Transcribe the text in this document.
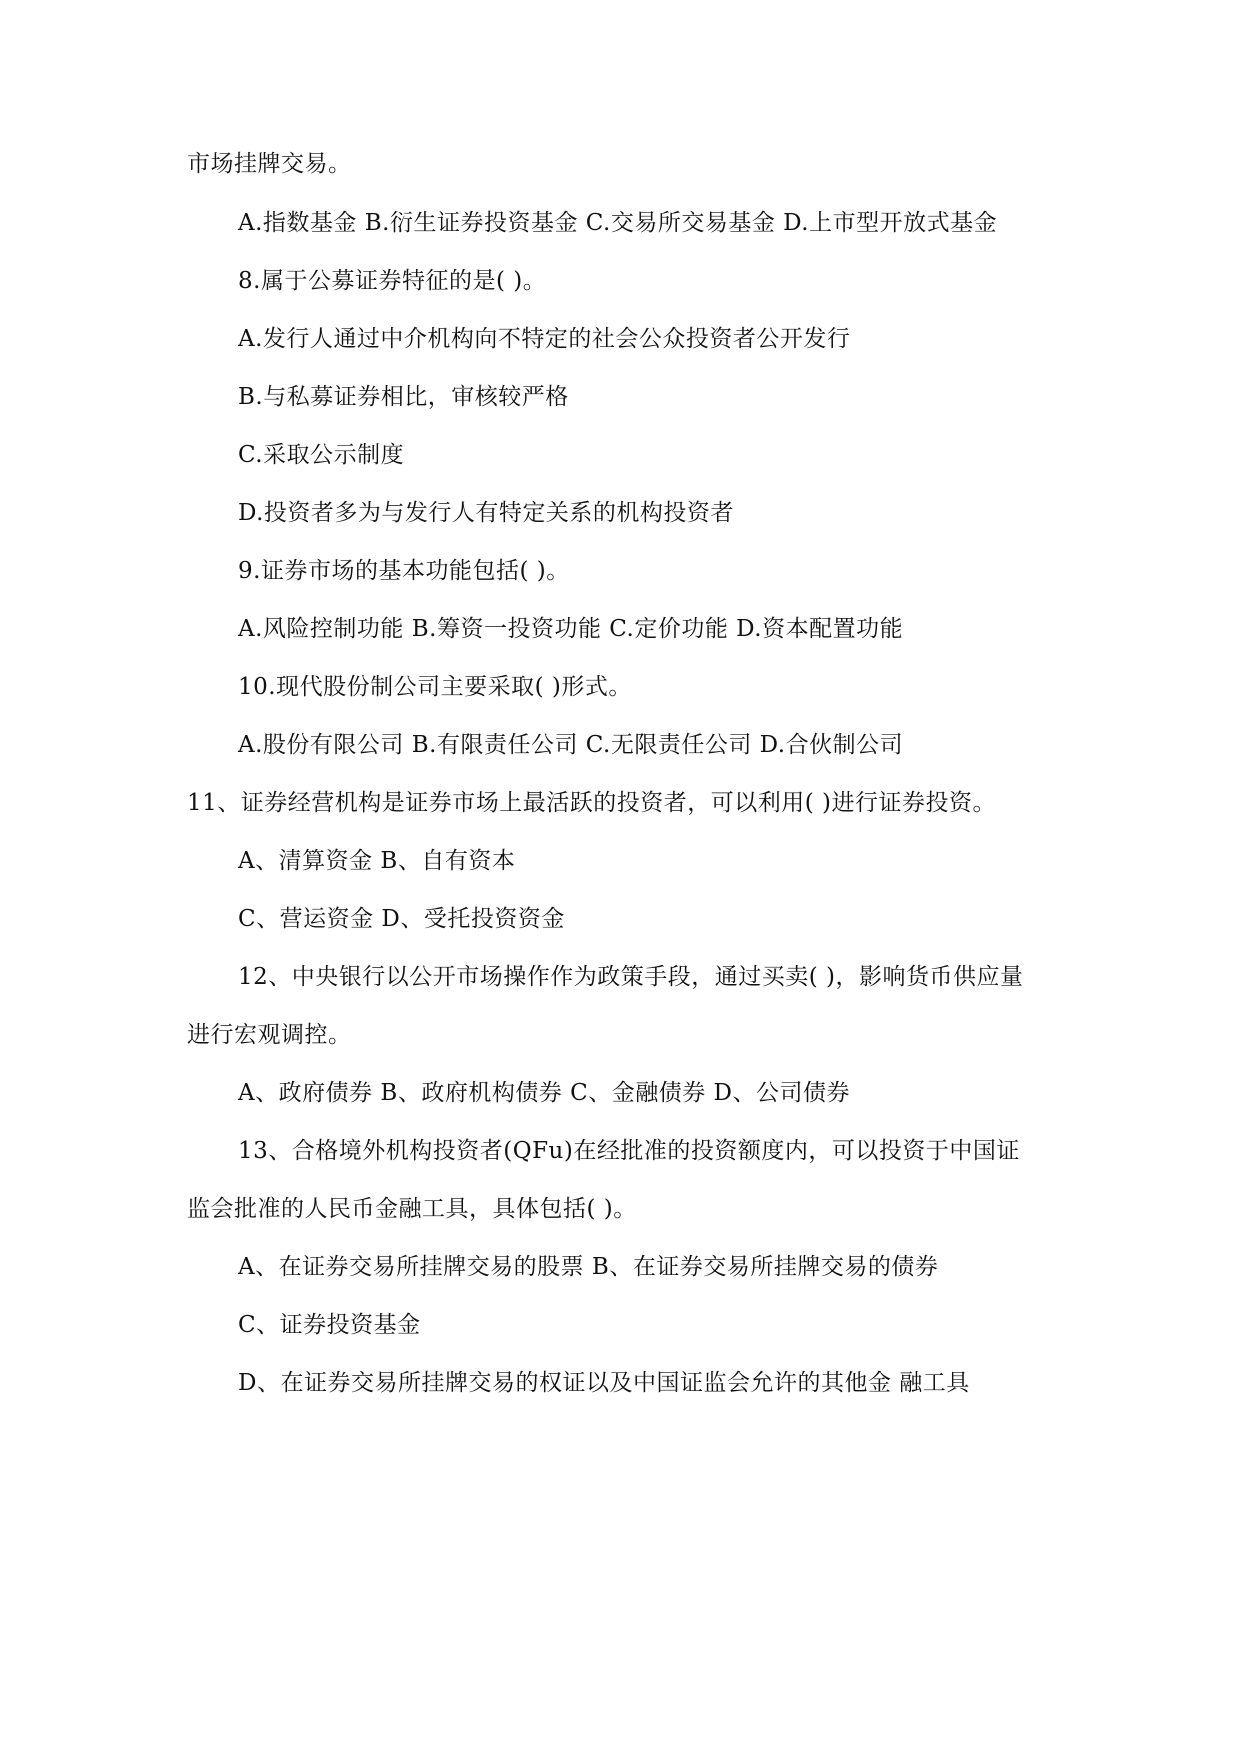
市场挂牌交易。
A.指数基金 B.衍生证券投资基金 C.交易所交易基金 D.上市型开放式基金
8.属于公募证券特征的是( )。
A.发行人通过中介机构向不特定的社会公众投资者公开发行
B.与私募证券相比，审核较严格
C.采取公示制度
D.投资者多为与发行人有特定关系的机构投资者
9.证券市场的基本功能包括( )。
A.风险控制功能 B.筹资一投资功能 C.定价功能 D.资本配置功能
10.现代股份制公司主要采取( )形式。
A.股份有限公司 B.有限责任公司 C.无限责任公司 D.合伙制公司
11、证券经营机构是证券市场上最活跃的投资者，可以利用( )进行证券投资。
A、清算资金 B、自有资本
C、营运资金 D、受托投资资金
12、中央银行以公开市场操作作为政策手段，通过买卖( )，影响货币供应量
进行宏观调控。
A、政府债券 B、政府机构债券 C、金融债券 D、公司债券
13、合格境外机构投资者(QFu)在经批准的投资额度内，可以投资于中国证
监会批准的人民币金融工具，具体包括( )。
A、在证券交易所挂牌交易的股票 B、在证券交易所挂牌交易的债券
C、证券投资基金
D、在证券交易所挂牌交易的权证以及中国证监会允许的其他金 融工具
